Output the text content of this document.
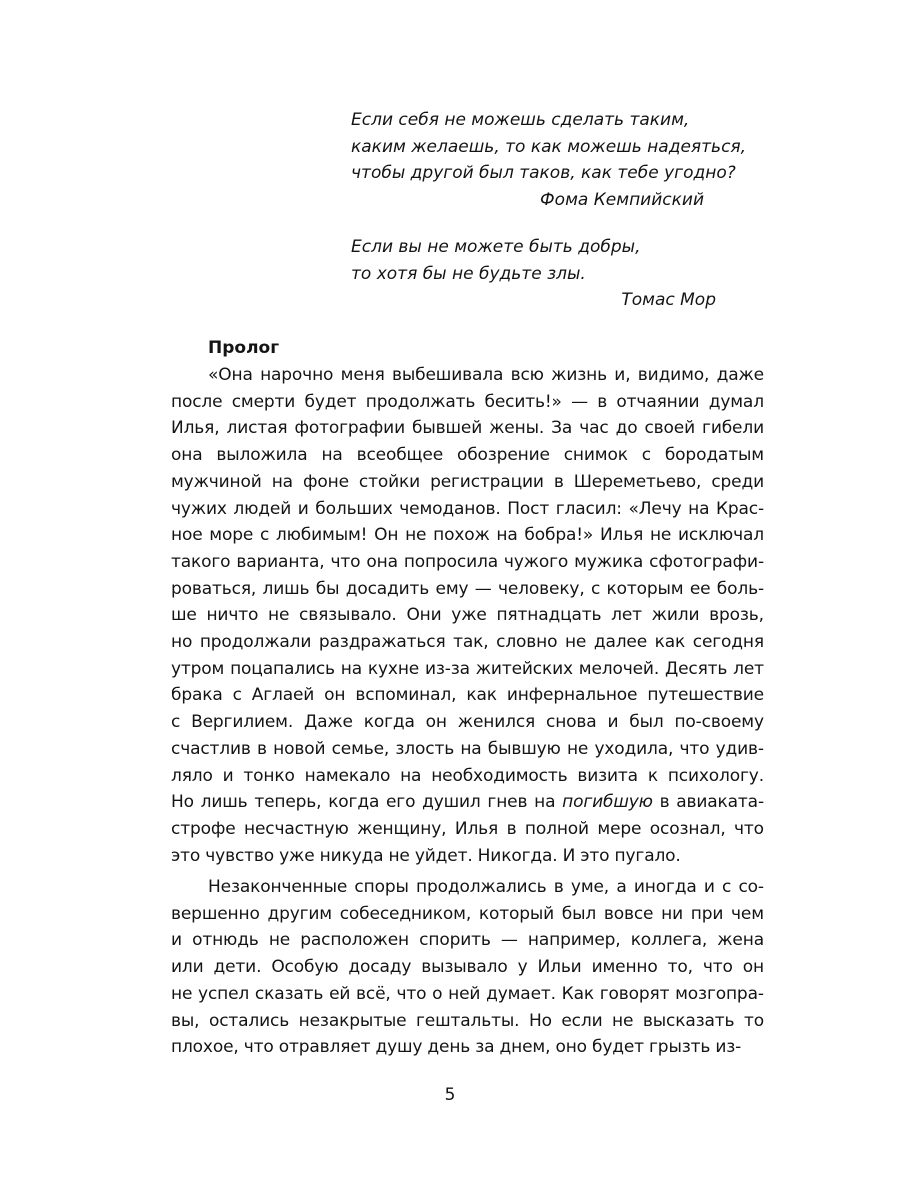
Если себя не можешь сделать таким,
каким желаешь, то как можешь надеяться,
чтобы другой был таков, как тебе угодно?
Фома Кемпийский
Если вы не можете быть добры,
то хотя бы не будьте злы.
Томас Мор
Пролог
«Она нарочно меня выбешивала всю жизнь и, видимо, даже
после смерти будет продолжать бесить!» — в отчаянии думал
Илья, листая фотографии бывшей жены. За час до своей гибели
она выложила на всеобщее обозрение снимок с бородатым
мужчиной на фоне стойки регистрации в Шереметьево, среди
чужих людей и больших чемоданов. Пост гласил: «Лечу на Крас-
ное море с любимым! Он не похож на бобра!» Илья не исключал
такого варианта, что она попросила чужого мужика сфотографи-
роваться, лишь бы досадить ему — человеку, с которым ее боль-
ше ничто не связывало. Они уже пятнадцать лет жили врозь,
но продолжали раздражаться так, словно не далее как сегодня
утром поцапались на кухне из-за житейских мелочей. Десять лет
брака с Аглаей он вспоминал, как инфернальное путешествие
с Вергилием. Даже когда он женился снова и был по-своему
счастлив в новой семье, злость на бывшую не уходила, что удив-
ляло и тонко намекало на необходимость визита к психологу.
Но лишь теперь, когда его душил гнев на погибшую в авиаката-
строфе несчастную женщину, Илья в полной мере осознал, что
это чувство уже никуда не уйдет. Никогда. И это пугало.
Незаконченные споры продолжались в уме, а иногда и с со-
вершенно другим собеседником, который был вовсе ни при чем
и отнюдь не расположен спорить — например, коллега, жена
или дети. Особую досаду вызывало у Ильи именно то, что он
не успел сказать ей всё, что о ней думает. Как говорят мозгопра-
вы, остались незакрытые гештальты. Но если не высказать то
плохое, что отравляет душу день за днем, оно будет грызть из-
5
